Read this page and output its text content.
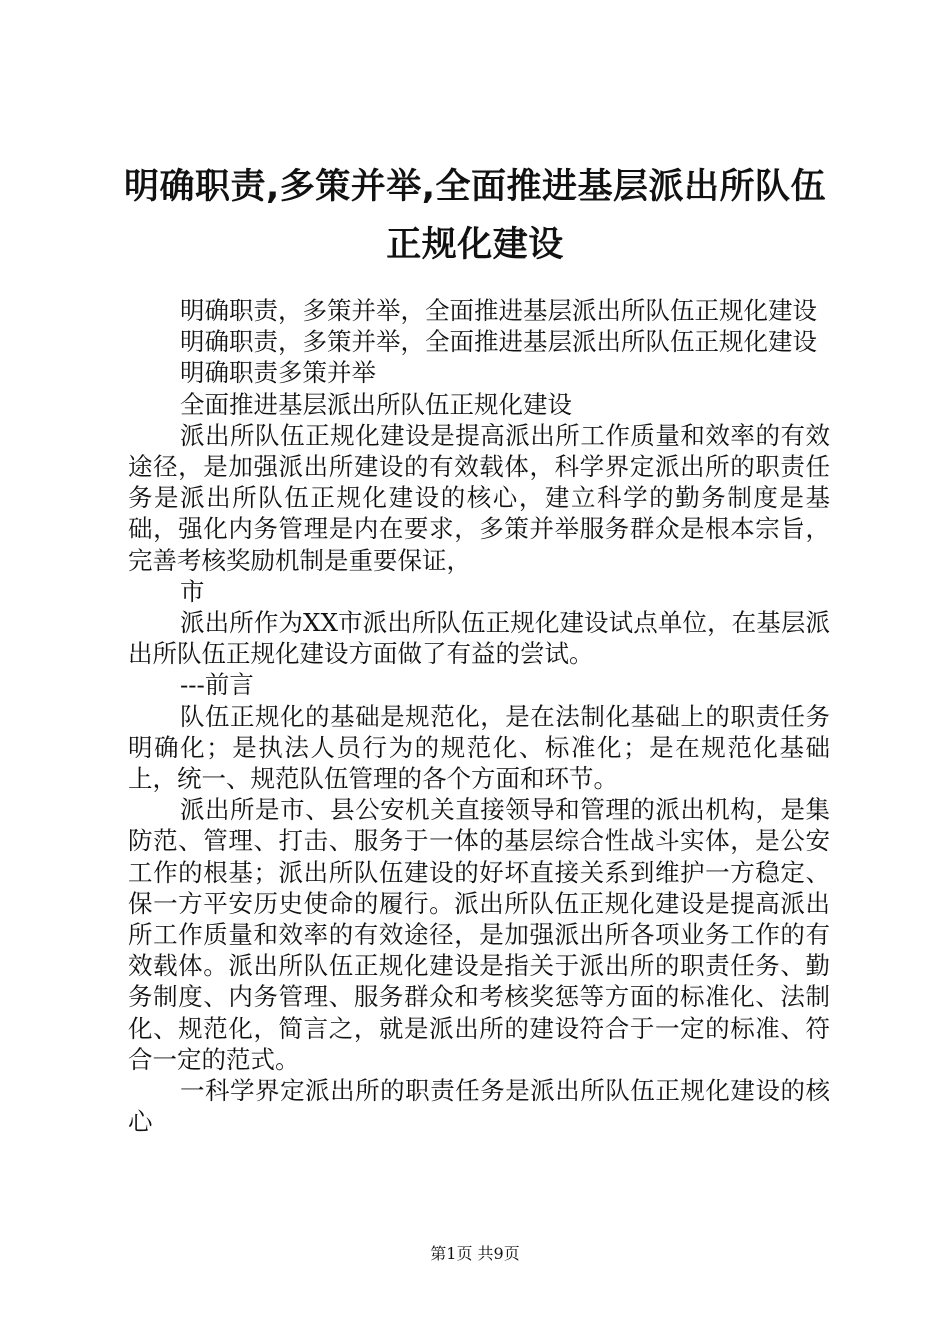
明确职责,多策并举,全面推进基层派出所队伍正规化建设

明确职责，多策并举，全面推进基层派出所队伍正规化建设

明确职责，多策并举，全面推进基层派出所队伍正规化建设

明确职责多策并举

全面推进基层派出所队伍正规化建设

派出所队伍正规化建设是提高派出所工作质量和效率的有效途径，是加强派出所建设的有效载体，科学界定派出所的职责任务是派出所队伍正规化建设的核心，建立科学的勤务制度是基础，强化内务管理是内在要求，多策并举服务群众是根本宗旨，完善考核奖励机制是重要保证，

市

派出所作为XX市派出所队伍正规化建设试点单位，在基层派出所队伍正规化建设方面做了有益的尝试。

---前言

队伍正规化的基础是规范化，是在法制化基础上的职责任务明确化；是执法人员行为的规范化、标准化；是在规范化基础上，统一、规范队伍管理的各个方面和环节。

派出所是市、县公安机关直接领导和管理的派出机构，是集防范、管理、打击、服务于一体的基层综合性战斗实体，是公安工作的根基；派出所队伍建设的好坏直接关系到维护一方稳定、保一方平安历史使命的履行。派出所队伍正规化建设是提高派出所工作质量和效率的有效途径，是加强派出所各项业务工作的有效载体。派出所队伍正规化建设是指关于派出所的职责任务、勤务制度、内务管理、服务群众和考核奖惩等方面的标准化、法制化、规范化，简言之，就是派出所的建设符合于一定的标准、符合一定的范式。

一科学界定派出所的职责任务是派出所队伍正规化建设的核心

第1页 共9页
